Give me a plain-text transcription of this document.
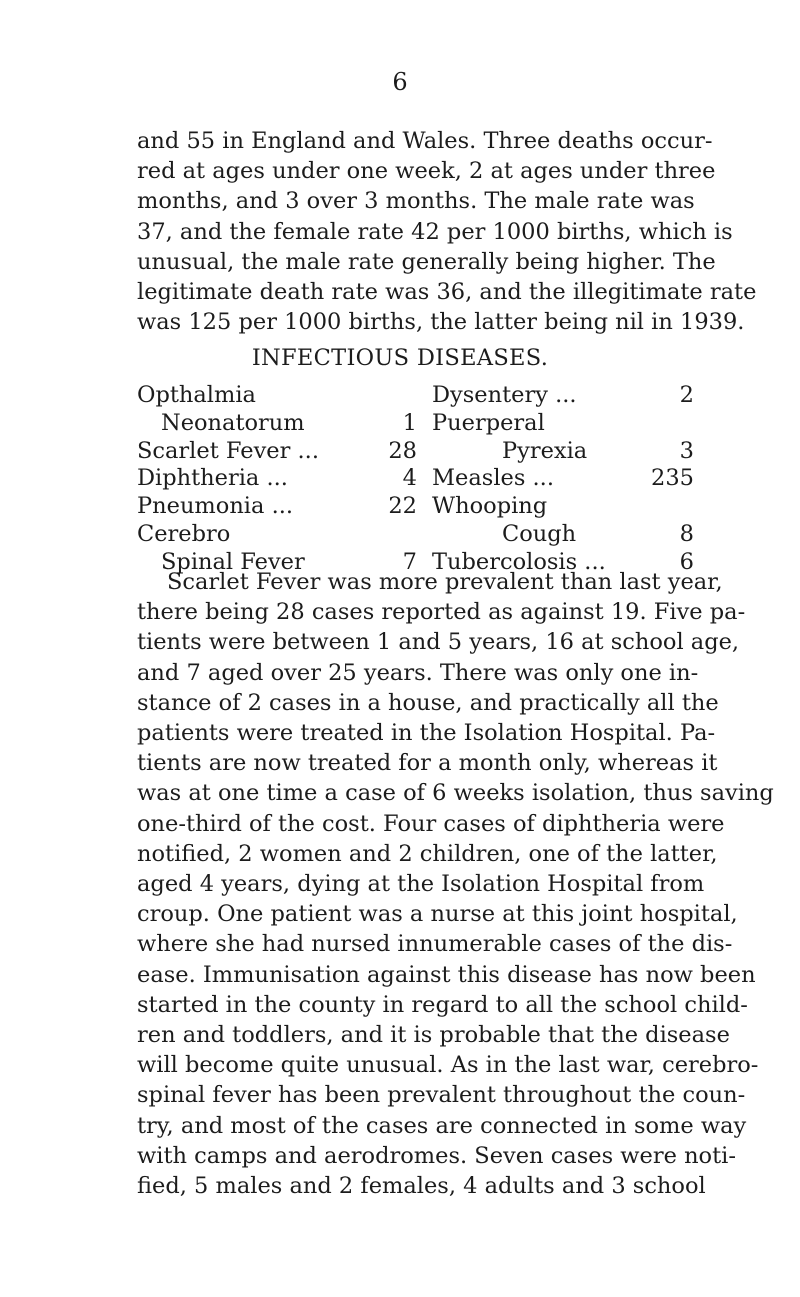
6
and 55 in England and Wales. Three deaths occur-
red at ages under one week, 2 at ages under three
months, and 3 over 3 months. The male rate was
37, and the female rate 42 per 1000 births, which is
unusual, the male rate generally being higher. The
legitimate death rate was 36, and the illegitimate rate
was 125 per 1000 births, the latter being nil in 1939.
INFECTIOUS DISEASES.
Opthalmia
Neonatorum	1
Scarlet Fever ...	28
Diphtheria ...	4
Pneumonia ...	22
Cerebro
Spinal Fever	7
Dysentery ...	2
Puerperal
Pyrexia	3
Measles ...	235
Whooping
Cough	8
Tubercolosis ...	6
Scarlet Fever was more prevalent than last year,
there being 28 cases reported as against 19. Five pa-
tients were between 1 and 5 years, 16 at school age,
and 7 aged over 25 years. There was only one in-
stance of 2 cases in a house, and practically all the
patients were treated in the Isolation Hospital. Pa-
tients are now treated for a month only, whereas it
was at one time a case of 6 weeks isolation, thus saving
one-third of the cost. Four cases of diphtheria were
notified, 2 women and 2 children, one of the latter,
aged 4 years, dying at the Isolation Hospital from
croup. One patient was a nurse at this joint hospital,
where she had nursed innumerable cases of the dis-
ease. Immunisation against this disease has now been
started in the county in regard to all the school child-
ren and toddlers, and it is probable that the disease
will become quite unusual. As in the last war, cerebro-
spinal fever has been prevalent throughout the coun-
try, and most of the cases are connected in some way
with camps and aerodromes. Seven cases were noti-
fied, 5 males and 2 females, 4 adults and 3 school
